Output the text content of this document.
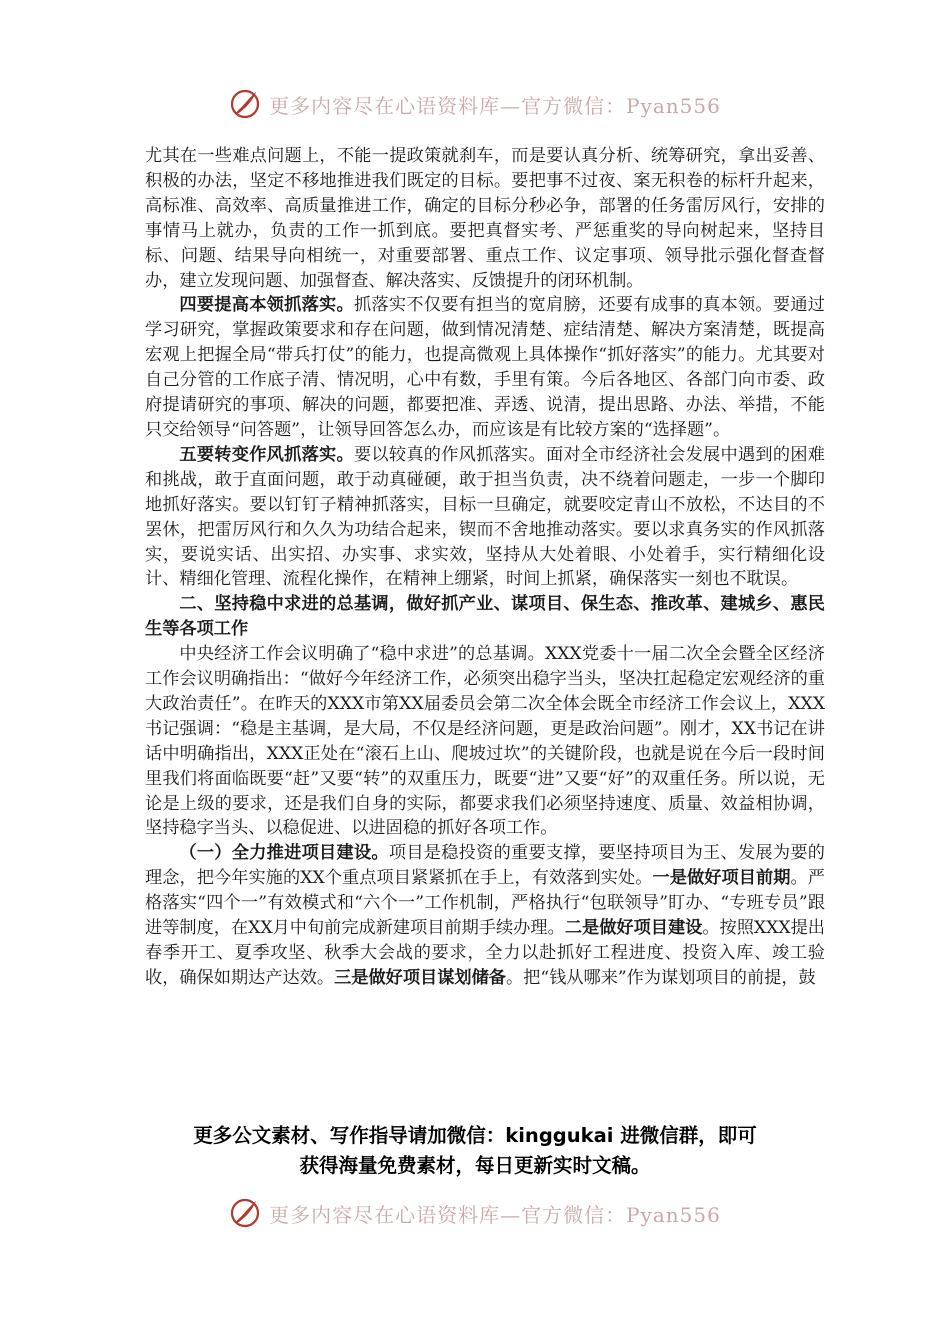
更多内容尽在心语资料库—官方微信：Pyan556

尤其在一些难点问题上，不能一提政策就刹车，而是要认真分析、统筹研究，拿出妥善、积极的办法，坚定不移地推进我们既定的目标。要把事不过夜、案无积卷的标杆升起来，高标准、高效率、高质量推进工作，确定的目标分秒必争，部署的任务雷厉风行，安排的事情马上就办，负责的工作一抓到底。要把真督实考、严惩重奖的导向树起来，坚持目标、问题、结果导向相统一，对重要部署、重点工作、议定事项、领导批示强化督查督办，建立发现问题、加强督查、解决落实、反馈提升的闭环机制。

四要提高本领抓落实。抓落实不仅要有担当的宽肩膀，还要有成事的真本领。要通过学习研究，掌握政策要求和存在问题，做到情况清楚、症结清楚、解决方案清楚，既提高宏观上把握全局“带兵打仗”的能力，也提高微观上具体操作“抓好落实”的能力。尤其要对自己分管的工作底子清、情况明，心中有数，手里有策。今后各地区、各部门向市委、政府提请研究的事项、解决的问题，都要把准、弄透、说清，提出思路、办法、举措，不能只交给领导“问答题”，让领导回答怎么办，而应该是有比较方案的“选择题”。

五要转变作风抓落实。要以较真的作风抓落实。面对全市经济社会发展中遇到的困难和挑战，敢于直面问题，敢于动真碰硬，敢于担当负责，决不绕着问题走，一步一个脚印地抓好落实。要以钉钉子精神抓落实，目标一旦确定，就要咬定青山不放松，不达目的不罢休，把雷厉风行和久久为功结合起来，锲而不舍地推动落实。要以求真务实的作风抓落实，要说实话、出实招、办实事、求实效，坚持从大处着眼、小处着手，实行精细化设计、精细化管理、流程化操作，在精神上绷紧，时间上抓紧，确保落实一刻也不耽误。

二、坚持稳中求进的总基调，做好抓产业、谋项目、保生态、推改革、建城乡、惠民生等各项工作

中央经济工作会议明确了“稳中求进”的总基调。XXX党委十一届二次全会暨全区经济工作会议明确指出：“做好今年经济工作，必须突出稳字当头，坚决扛起稳定宏观经济的重大政治责任”。在昨天的XXX市第XX届委员会第二次全体会既全市经济工作会议上，XXX书记强调：“稳是主基调，是大局，不仅是经济问题，更是政治问题”。刚才，XX书记在讲话中明确指出，XXX正处在“滚石上山、爬坡过坎”的关键阶段，也就是说在今后一段时间里我们将面临既要“赶”又要“转”的双重压力，既要“进”又要“好”的双重任务。所以说，无论是上级的要求，还是我们自身的实际，都要求我们必须坚持速度、质量、效益相协调，坚持稳字当头、以稳促进、以进固稳的抓好各项工作。

（一）全力推进项目建设。项目是稳投资的重要支撑，要坚持项目为王、发展为要的理念，把今年实施的XX个重点项目紧紧抓在手上，有效落到实处。一是做好项目前期。严格落实“四个一”有效模式和“六个一”工作机制，严格执行“包联领导”盯办、“专班专员”跟进等制度，在XX月中旬前完成新建项目前期手续办理。二是做好项目建设。按照XXX提出春季开工、夏季攻坚、秋季大会战的要求，全力以赴抓好工程进度、投资入库、竣工验收，确保如期达产达效。三是做好项目谋划储备。把“钱从哪来”作为谋划项目的前提，鼓

更多公文素材、写作指导请加微信：kinggukai 进微信群，即可
获得海量免费素材，每日更新实时文稿。
更多内容尽在心语资料库—官方微信：Pyan556
